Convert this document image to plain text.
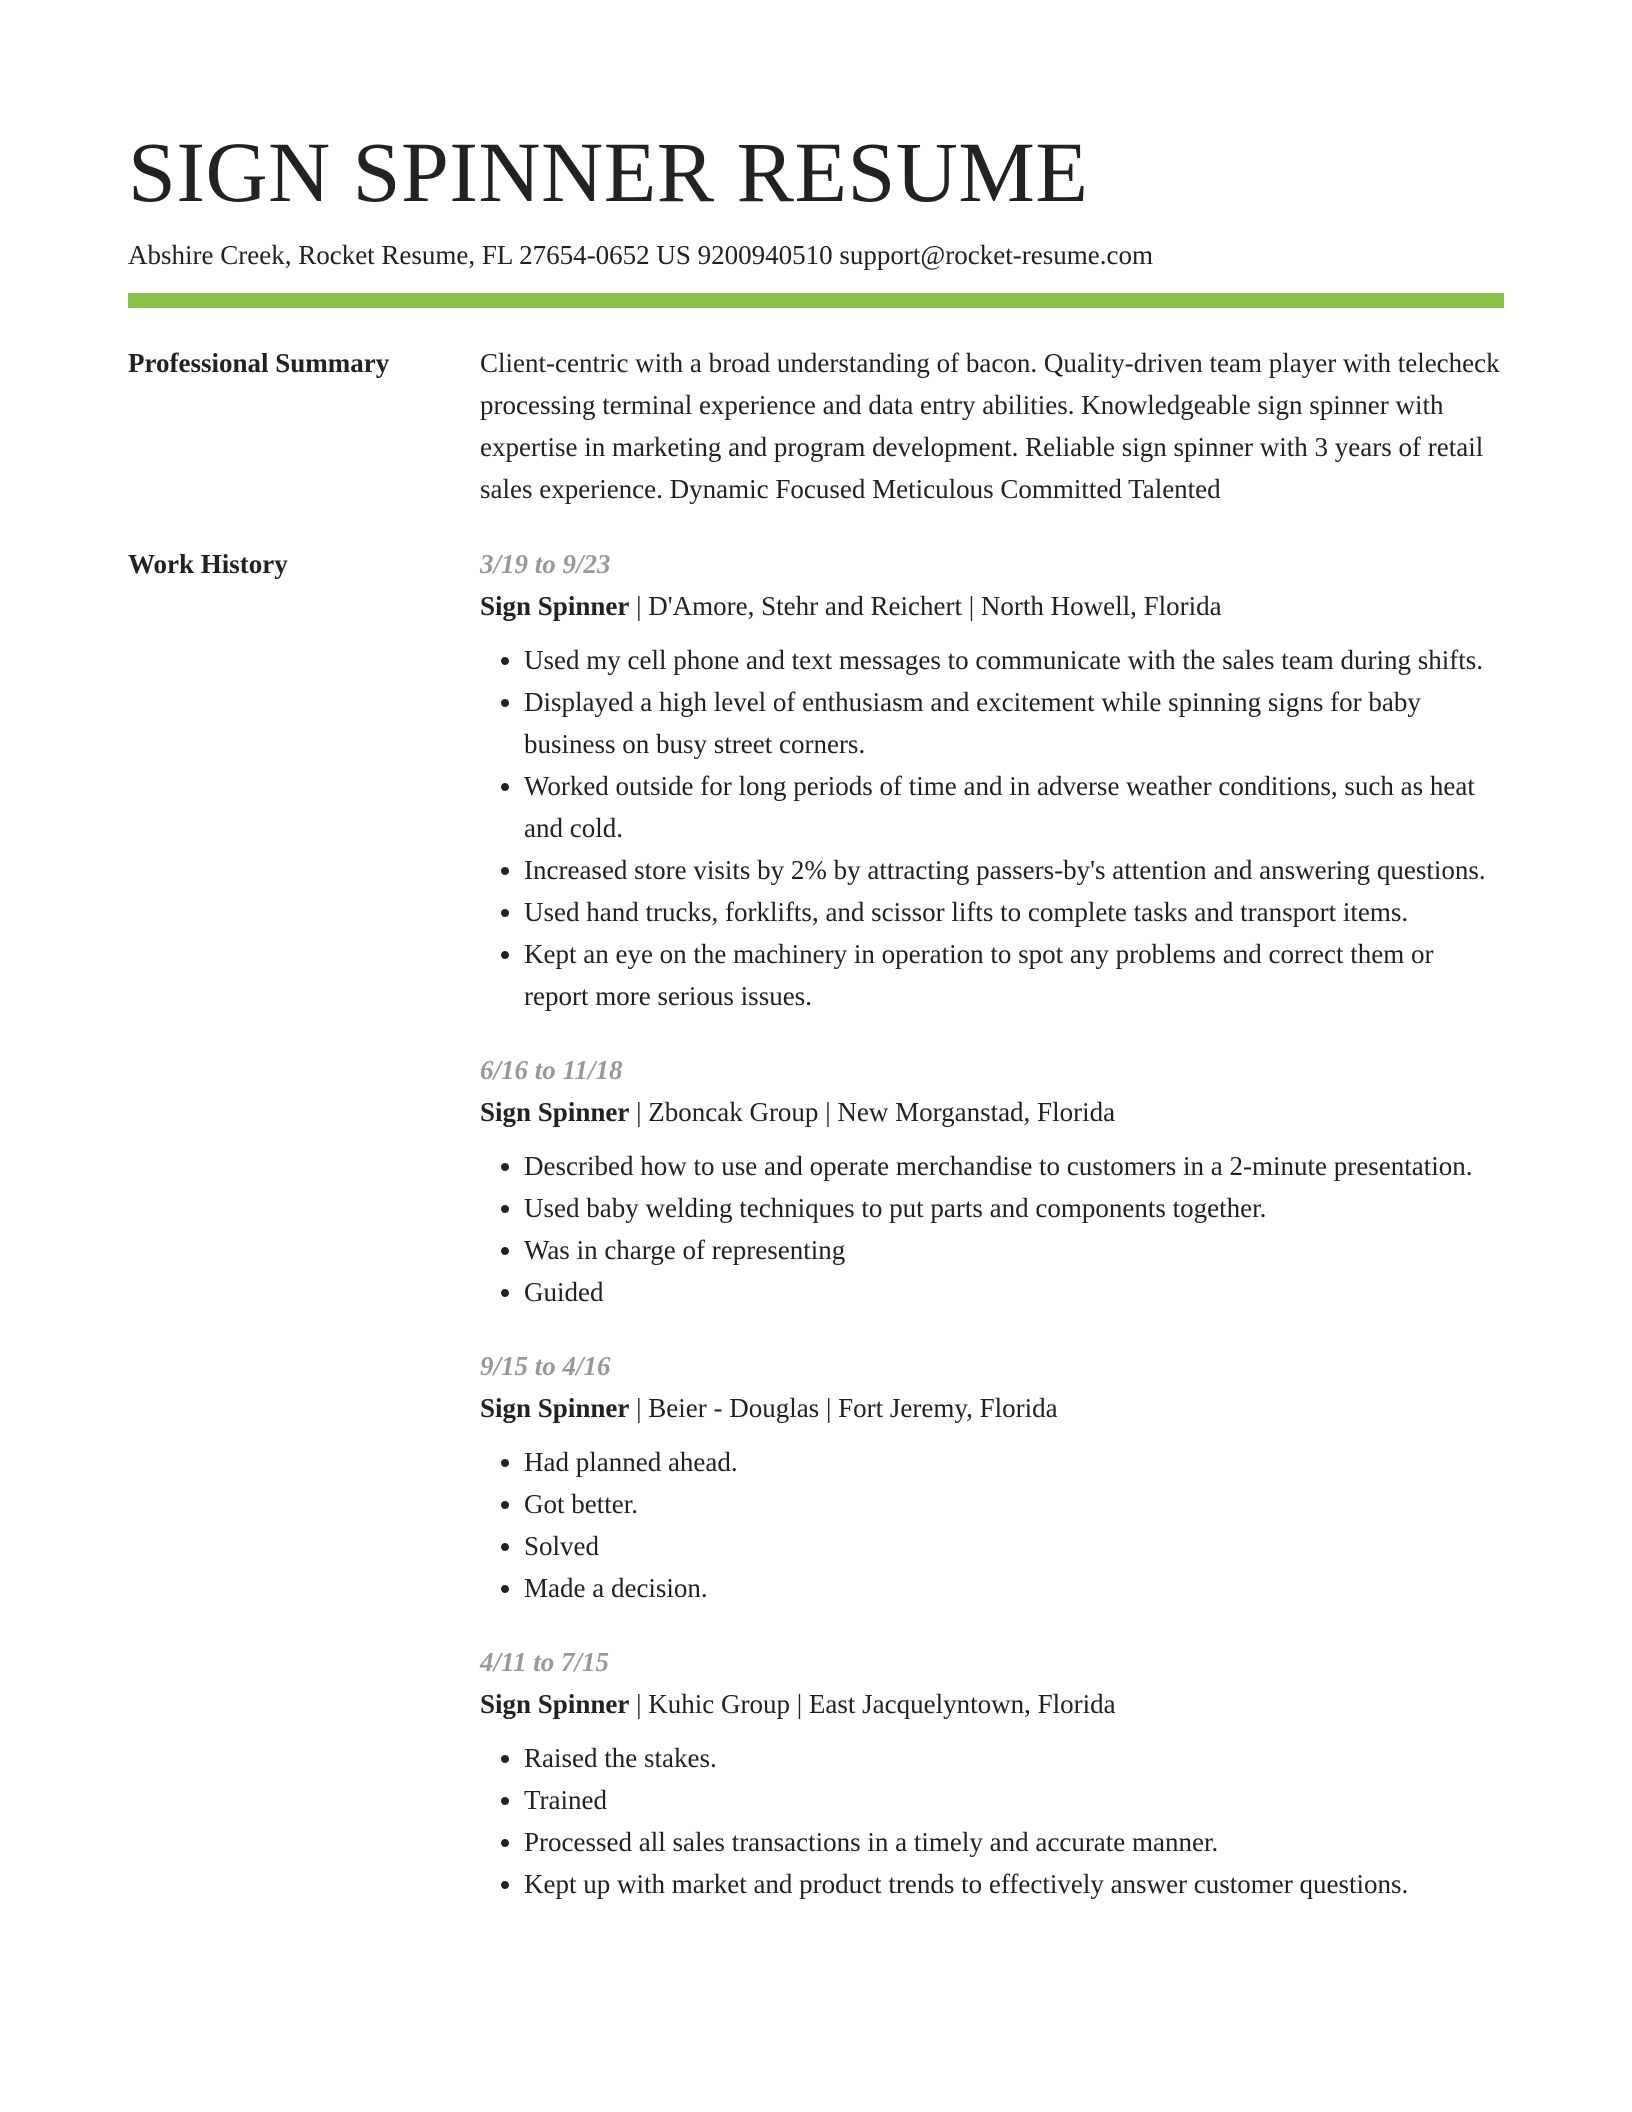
SIGN SPINNER RESUME
Abshire Creek, Rocket Resume, FL 27654-0652 US 9200940510 support@rocket-resume.com
Professional Summary	Client-centric with a broad understanding of bacon. Quality-driven team player with telecheck processing terminal experience and data entry abilities. Knowledgeable sign spinner with expertise in marketing and program development. Reliable sign spinner with 3 years of retail sales experience. Dynamic Focused Meticulous Committed Talented
Work History	3/19 to 9/23
Sign Spinner | D'Amore, Stehr and Reichert | North Howell, Florida
• Used my cell phone and text messages to communicate with the sales team during shifts.
• Displayed a high level of enthusiasm and excitement while spinning signs for baby business on busy street corners.
• Worked outside for long periods of time and in adverse weather conditions, such as heat and cold.
• Increased store visits by 2% by attracting passers-by's attention and answering questions.
• Used hand trucks, forklifts, and scissor lifts to complete tasks and transport items.
• Kept an eye on the machinery in operation to spot any problems and correct them or report more serious issues.
6/16 to 11/18
Sign Spinner | Zboncak Group | New Morganstad, Florida
• Described how to use and operate merchandise to customers in a 2-minute presentation.
• Used baby welding techniques to put parts and components together.
• Was in charge of representing
• Guided
9/15 to 4/16
Sign Spinner | Beier - Douglas | Fort Jeremy, Florida
• Had planned ahead.
• Got better.
• Solved
• Made a decision.
4/11 to 7/15
Sign Spinner | Kuhic Group | East Jacquelyntown, Florida
• Raised the stakes.
• Trained
• Processed all sales transactions in a timely and accurate manner.
• Kept up with market and product trends to effectively answer customer questions.
